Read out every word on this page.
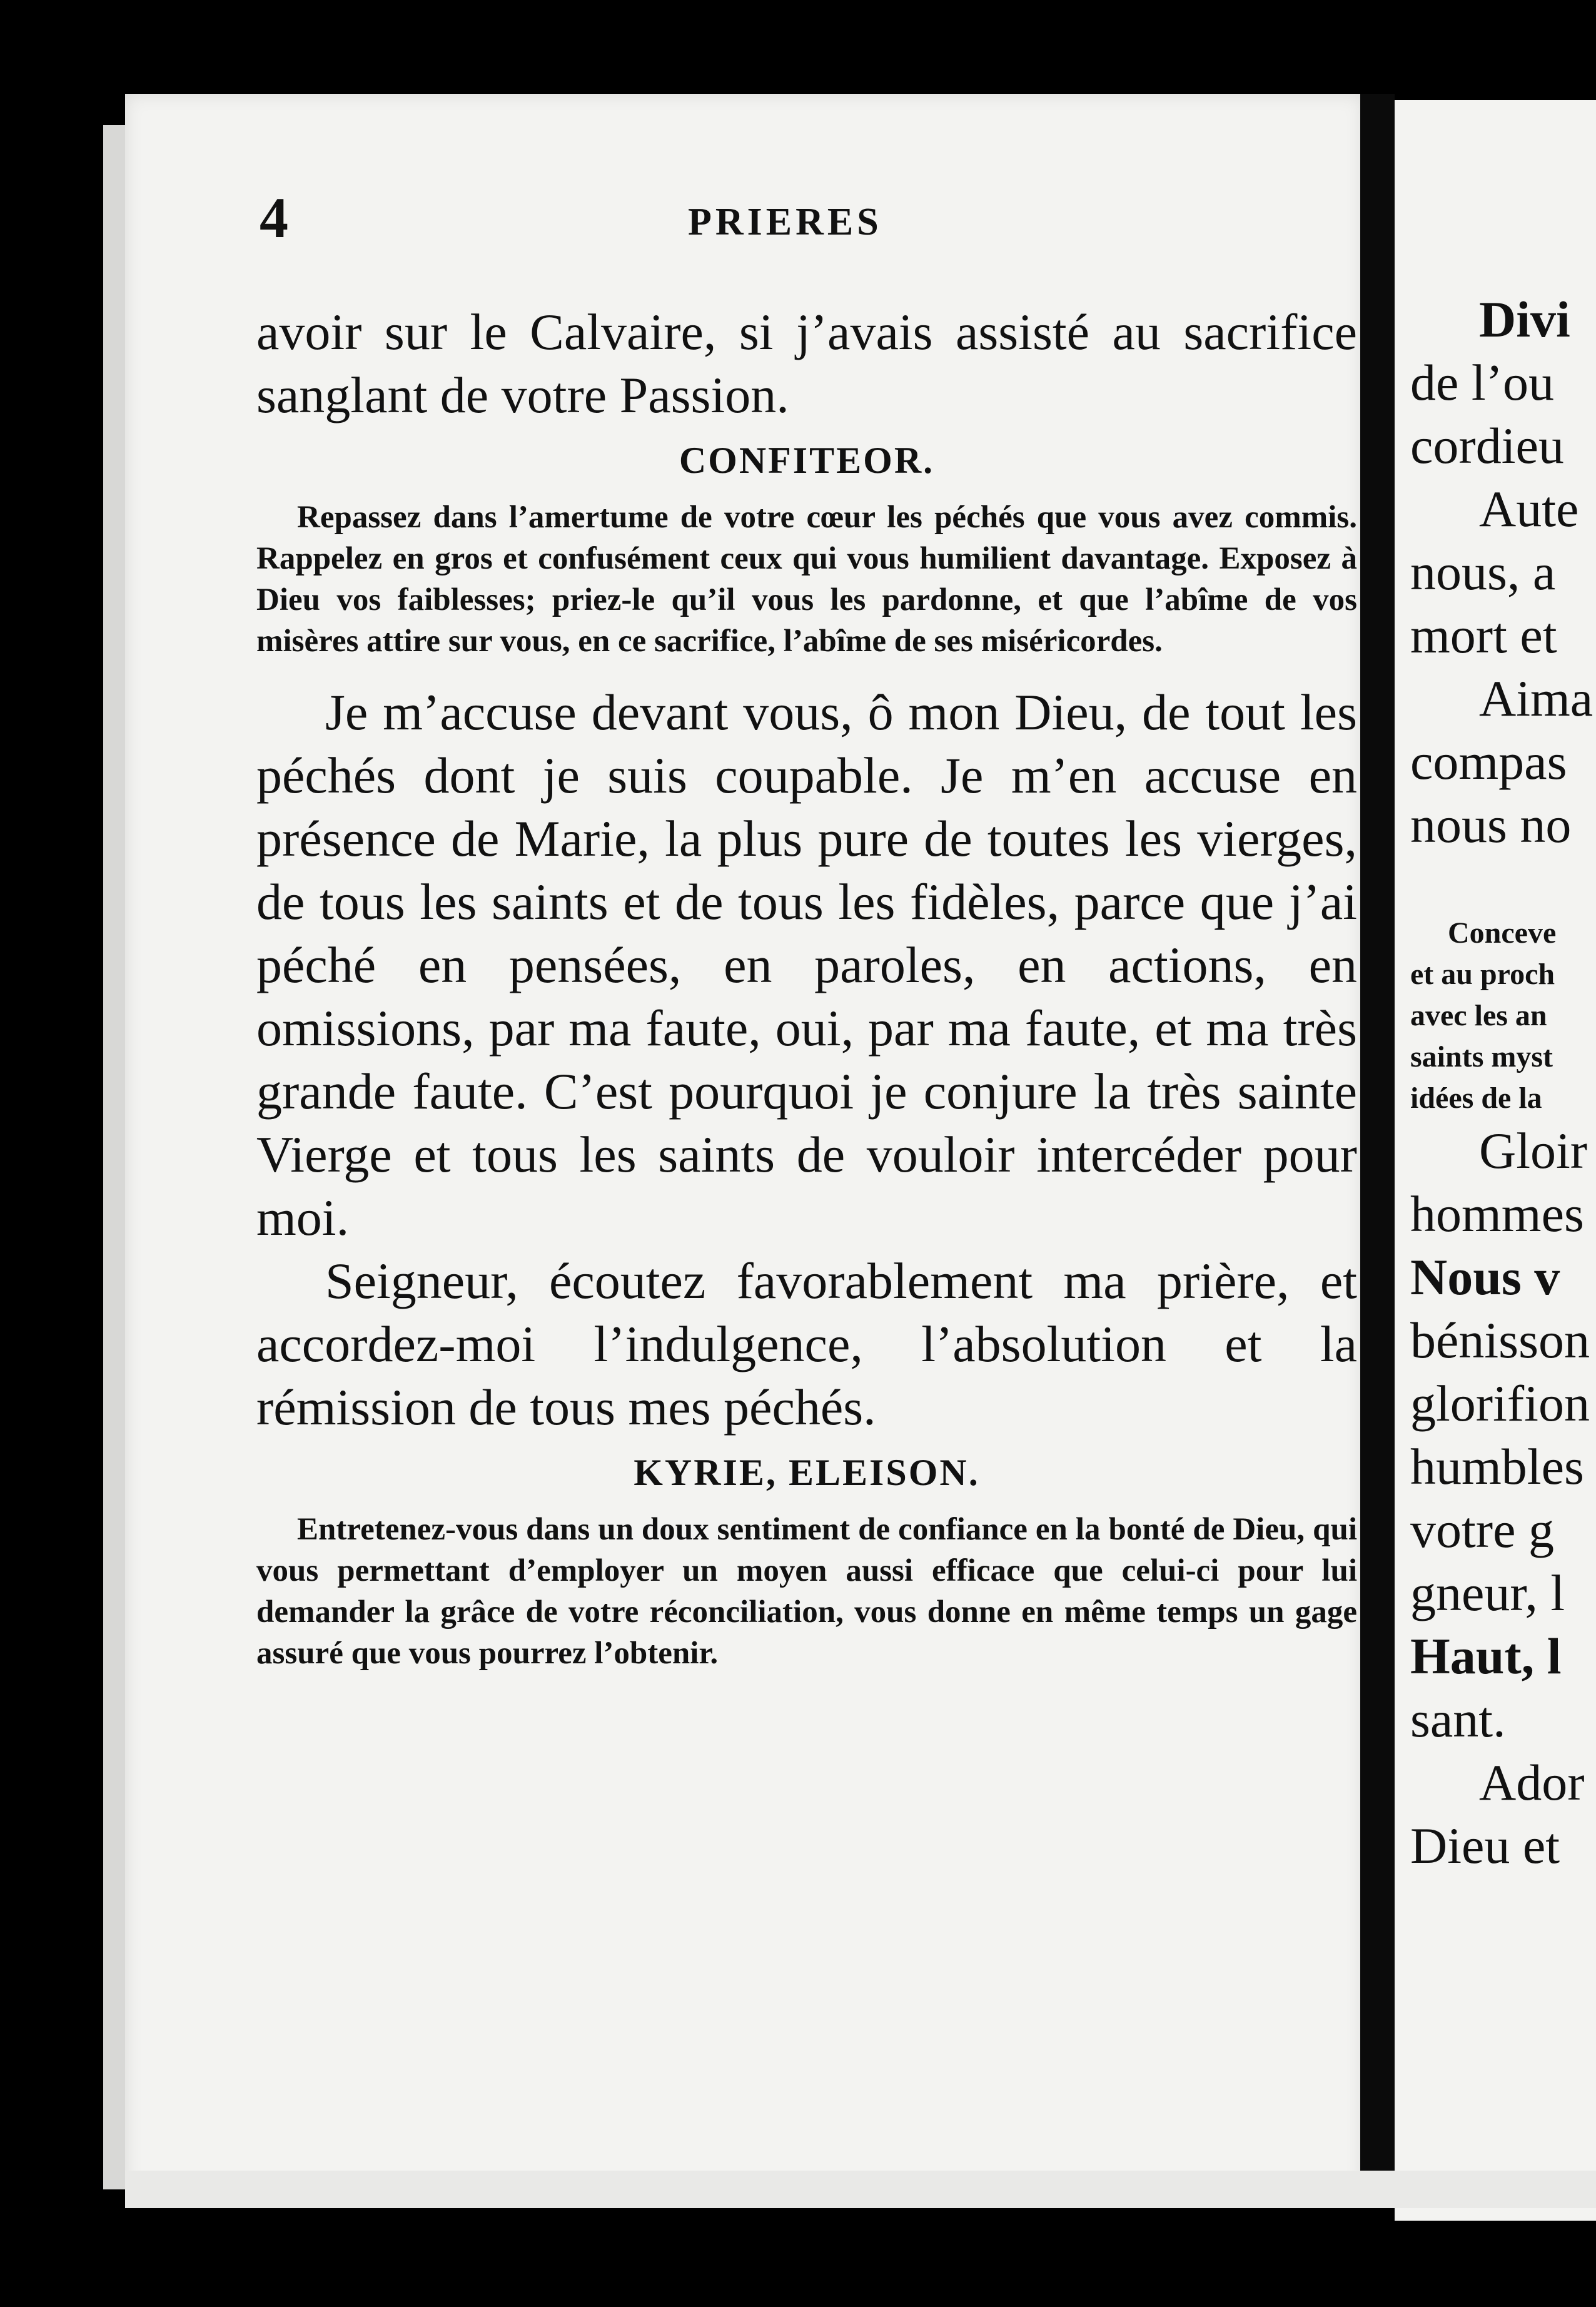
4	PRIERES

avoir sur le Calvaire, si j’avais assisté au sacrifice sanglant de votre Passion.

CONFITEOR.

Repassez dans l’amertume de votre cœur les péchés que vous avez commis. Rappelez en gros et confusément ceux qui vous humilient davantage. Exposez à Dieu vos faiblesses; priez-le qu’il vous les pardonne, et que l’abîme de vos misères attire sur vous, en ce sacrifice, l’abîme de ses miséricordes.

Je m’accuse devant vous, ô mon Dieu, de tout les péchés dont je suis coupable. Je m’en accuse en présence de Marie, la plus pure de toutes les vierges, de tous les saints et de tous les fidèles, parce que j’ai péché en pensées, en paroles, en actions, en omissions, par ma faute, oui, par ma faute, et ma très grande faute. C’est pourquoi je conjure la très sainte Vierge et tous les saints de vouloir intercéder pour moi.

Seigneur, écoutez favorablement ma prière, et accordez-moi l’indulgence, l’absolution et la rémission de tous mes péchés.

KYRIE, ELEISON.

Entretenez-vous dans un doux sentiment de confiance en la bonté de Dieu, qui vous permettant d’employer un moyen aussi efficace que celui-ci pour lui demander la grâce de votre réconciliation, vous donne en même temps un gage assuré que vous pourrez l’obtenir.

Divi
de l’ou
cordieu
Aute
nous, a
mort et
Aima
compas
nous no
Conceve
et au proch
avec les an
saints myst
idées de la
Gloir
hommes
Nous v
bénisson
glorifion
humbles
votre g
gneur, l
Haut, l
sant.
Ador
Dieu et
